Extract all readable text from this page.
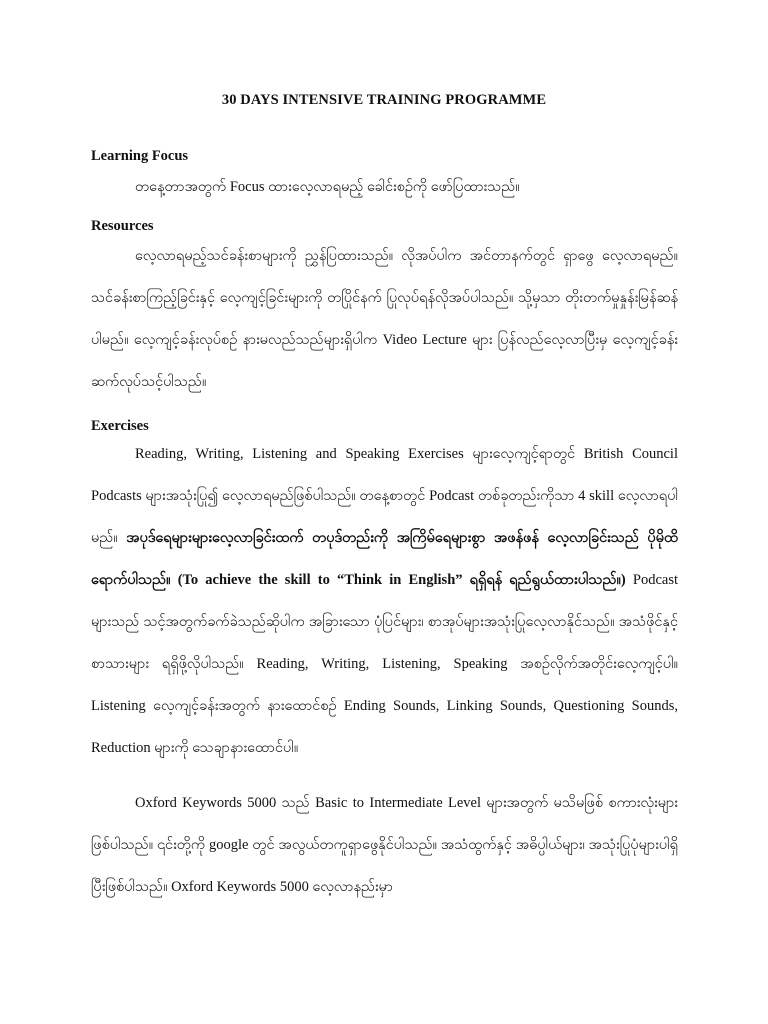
30 DAYS INTENSIVE TRAINING PROGRAMME
Learning Focus

တနေ့တာအတွက် Focus ထားလေ့လာရမည့် ခေါင်းစဉ်ကို ဖော်ပြထားသည်။

Resources

လေ့လာရမည့်သင်ခန်းစာများကို ညွှန်ပြထားသည်။ လိုအပ်ပါက အင်တာနက်တွင် ရှာဖွေ လေ့လာရမည်။ သင်ခန်းစာကြည့်ခြင်းနှင့် လေ့ကျင့်ခြင်းများကို တပြိုင်နက် ပြုလုပ်ရန်လိုအပ်ပါသည်။ သို့မှသာ တိုးတက်မှုနှုန်းမြန်ဆန်ပါမည်။ လေ့ကျင့်ခန်းလုပ်စဉ် နားမလည်သည်များရှိပါက Video Lecture များ ပြန်လည်လေ့လာပြီးမှ လေ့ကျင့်ခန်းဆက်လုပ်သင့်ပါသည်။

Exercises

Reading, Writing, Listening and Speaking Exercises များလေ့ကျင့်ရာတွင် British Council Podcasts များအသုံးပြု၍ လေ့လာရမည်ဖြစ်ပါသည်။ တနေ့စာတွင် Podcast တစ်ခုတည်းကိုသာ 4 skill လေ့လာရပါမည်။ အပုဒ်ရေများများလေ့လာခြင်းထက် တပုဒ်တည်းကို အကြိမ်ရေများစွာ အဖန်ဖန် လေ့လာခြင်းသည် ပိုမိုထိရောက်ပါသည်။ (To achieve the skill to “Think in English” ရရှိရန် ရည်ရွယ်ထားပါသည်။) Podcast များသည် သင့်အတွက်ခက်ခဲသည်ဆိုပါက အခြားသော ပုံပြင်များ၊ စာအုပ်များအသုံးပြုလေ့လာနိုင်သည်။ အသံဖိုင်နှင့် စာသားများ ရရှိဖို့လိုပါသည်။ Reading, Writing, Listening, Speaking အစဉ်လိုက်အတိုင်းလေ့ကျင့်ပါ။ Listening လေ့ကျင့်ခန်းအတွက် နားထောင်စဉ် Ending Sounds, Linking Sounds, Questioning Sounds, Reduction များကို သေချာနားထောင်ပါ။

Oxford Keywords 5000 သည် Basic to Intermediate Level များအတွက် မသိမဖြစ် စကားလုံးများဖြစ်ပါသည်။ ၎င်းတို့ကို google တွင် အလွယ်တကူရှာဖွေနိုင်ပါသည်။ အသံထွက်နှင့် အဓိပ္ပါယ်များ၊ အသုံးပြုပုံများပါရှိပြီးဖြစ်ပါသည်။ Oxford Keywords 5000 လေ့လာနည်းမှာ
